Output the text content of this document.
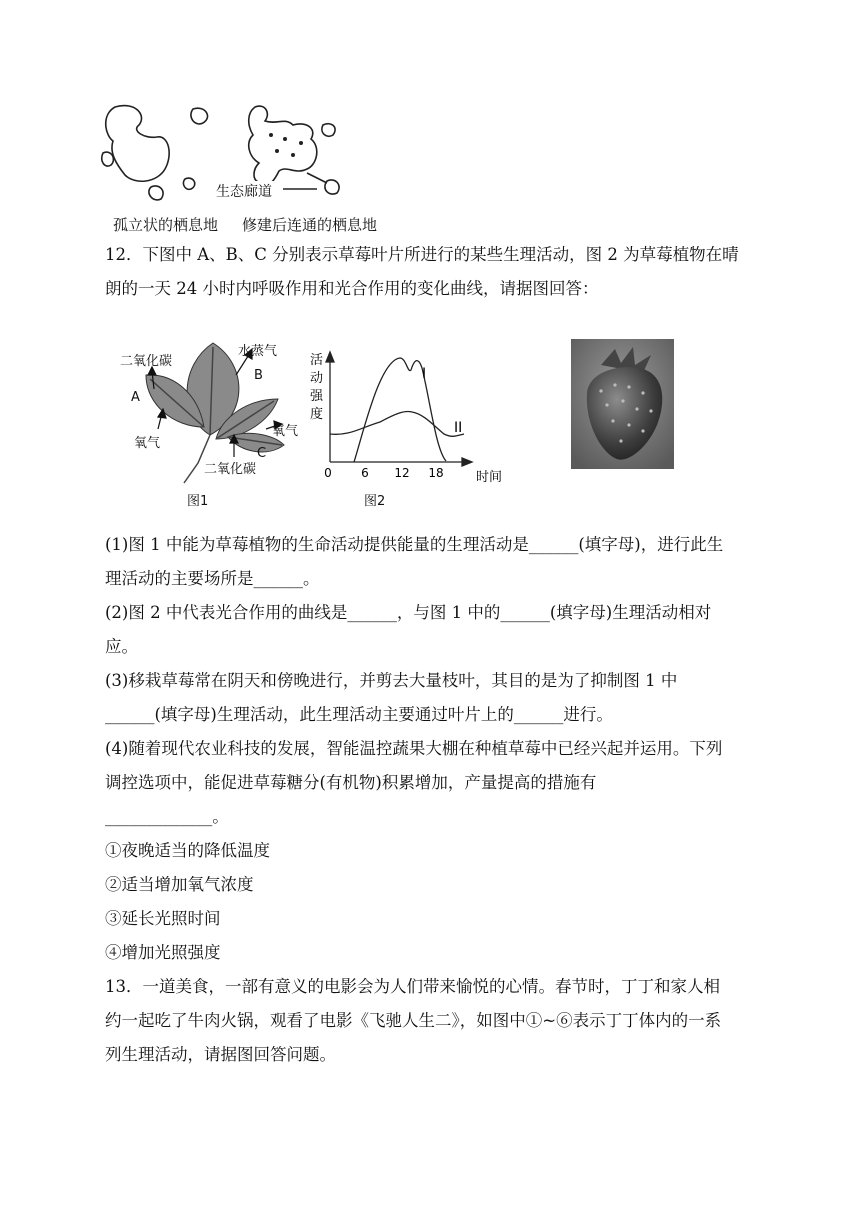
生态廊道
孤立状的栖息地 修建后连通的栖息地
12．下图中 A、B、C 分别表示草莓叶片所进行的某些生理活动，图 2 为草莓植物在晴
朗的一天 24 小时内呼吸作用和光合作用的变化曲线，请据图回答：
二氧化碳
水蒸气
A
B
C
氧气
氧气
二氧化碳
图1
0 6 12 18 时间
活
动
强
度
I
II
图2
(1)图 1 中能为草莓植物的生命活动提供能量的生理活动是______(填字母)，进行此生
理活动的主要场所是______。
(2)图 2 中代表光合作用的曲线是______，与图 1 中的______(填字母)生理活动相对
应。
(3)移栽草莓常在阴天和傍晚进行，并剪去大量枝叶，其目的是为了抑制图 1 中
______(填字母)生理活动，此生理活动主要通过叶片上的______进行。
(4)随着现代农业科技的发展，智能温控蔬果大棚在种植草莓中已经兴起并运用。下列
调控选项中，能促进草莓糖分(有机物)积累增加，产量提高的措施有
_____________。
①夜晚适当的降低温度
②适当增加氧气浓度
③延长光照时间
④增加光照强度
13．一道美食，一部有意义的电影会为人们带来愉悦的心情。春节时，丁丁和家人相
约一起吃了牛肉火锅，观看了电影《飞驰人生二》，如图中①~⑥表示丁丁体内的一系
列生理活动，请据图回答问题。
